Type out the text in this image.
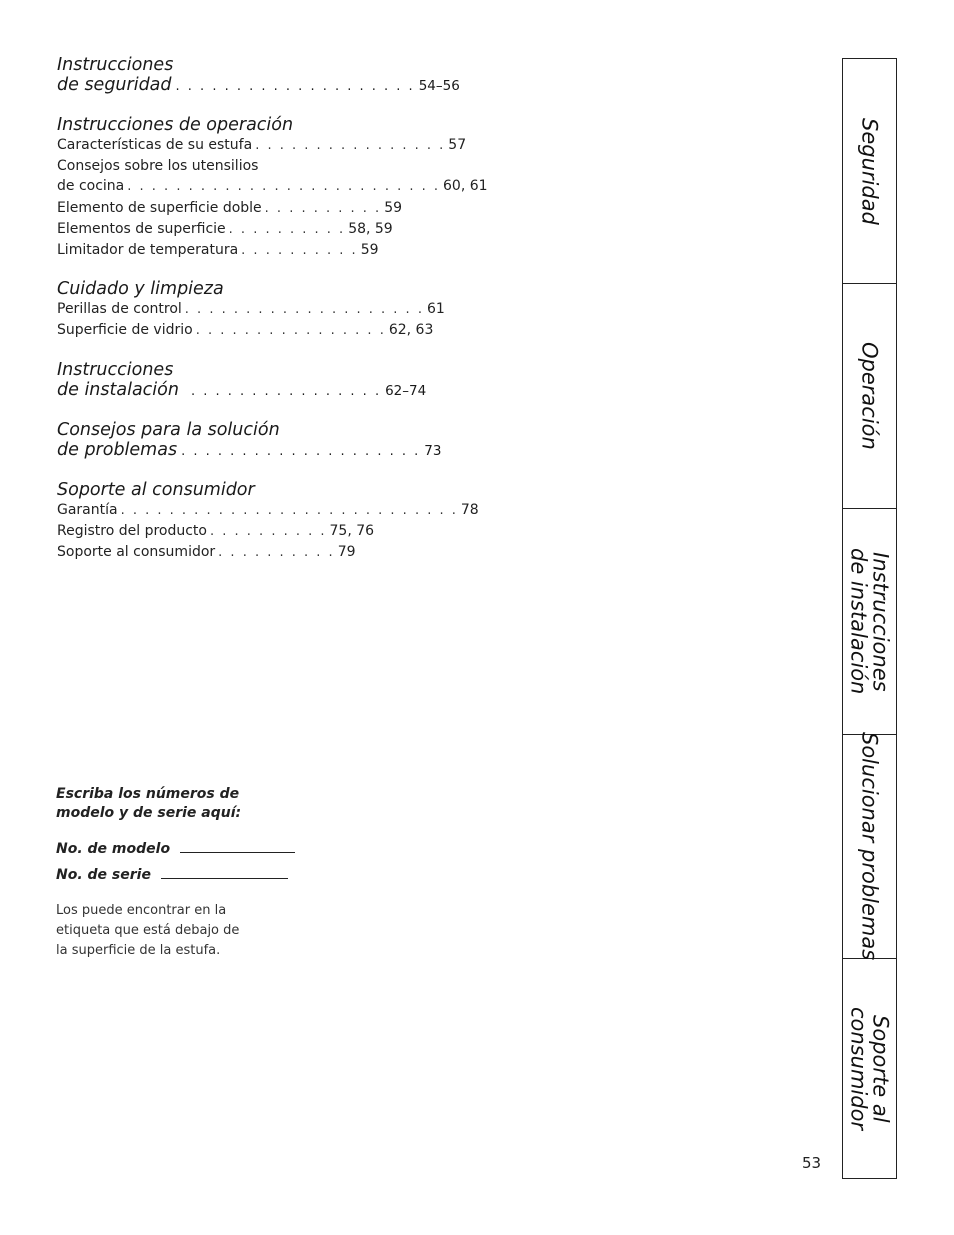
Instrucciones
de seguridad . . . . . . . . . . . . . . . . . . . . 54–56
Instrucciones de operación
Características de su estufa . . . . . . . . . . . . . . . . 57
Consejos sobre los utensilios
de cocina . . . . . . . . . . . . . . . . . . . . . . . . . . 60, 61
Elemento de superficie doble . . . . . . . . . . 59
Elementos de superficie . . . . . . . . . . 58, 59
Limitador de temperatura . . . . . . . . . . 59
Cuidado y limpieza
Perillas de control . . . . . . . . . . . . . . . . . . . . 61
Superficie de vidrio . . . . . . . . . . . . . . . . 62, 63
Instrucciones
de instalación . . . . . . . . . . . . . . . . 62–74
Consejos para la solución
de problemas . . . . . . . . . . . . . . . . . . . . 73
Soporte al consumidor
Garantía . . . . . . . . . . . . . . . . . . . . . . . . . . . . 78
Registro del producto . . . . . . . . . . 75, 76
Soporte al consumidor . . . . . . . . . . 79
Escriba los números de
modelo y de serie aquí:
No. de modelo
No. de serie
Los puede encontrar en la
etiqueta que está debajo de
la superficie de la estufa.
Seguridad
Operación
Instrucciones
de instalación
Solucionar problemas
Soporte al
consumidor
53
